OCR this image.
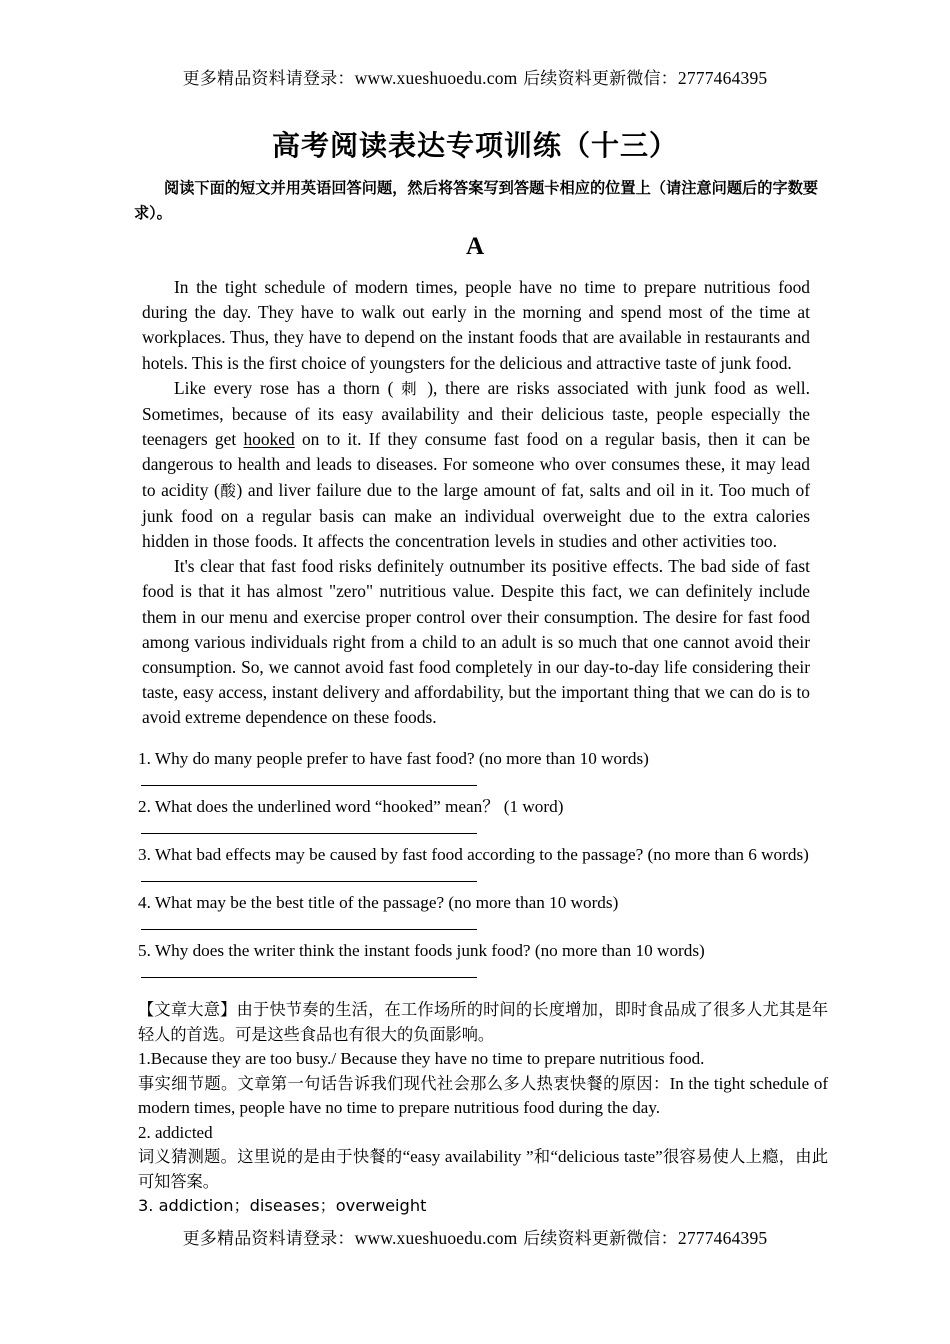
更多精品资料请登录：www.xueshuoedu.com 后续资料更新微信：2777464395
高考阅读表达专项训练（十三）
阅读下面的短文并用英语回答问题，然后将答案写到答题卡相应的位置上（请注意问题后的字数要求）。
A

In the tight schedule of modern times, people have no time to prepare nutritious food during the day. They have to walk out early in the morning and spend most of the time at workplaces. Thus, they have to depend on the instant foods that are available in restaurants and hotels. This is the first choice of youngsters for the delicious and attractive taste of junk food.

Like every rose has a thorn ( 刺 ), there are risks associated with junk food as well. Sometimes, because of its easy availability and their delicious taste, people especially the teenagers get hooked on to it. If they consume fast food on a regular basis, then it can be dangerous to health and leads to diseases. For someone who over consumes these, it may lead to acidity (酸) and liver failure due to the large amount of fat, salts and oil in it. Too much of junk food on a regular basis can make an individual overweight due to the extra calories hidden in those foods. It affects the concentration levels in studies and other activities too.

It's clear that fast food risks definitely outnumber its positive effects. The bad side of fast food is that it has almost "zero" nutritious value. Despite this fact, we can definitely include them in our menu and exercise proper control over their consumption. The desire for fast food among various individuals right from a child to an adult is so much that one cannot avoid their consumption. So, we cannot avoid fast food completely in our day-to-day life considering their taste, easy access, instant delivery and affordability, but the important thing that we can do is to avoid extreme dependence on these foods.

1. Why do many people prefer to have fast food? (no more than 10 words)
2. What does the underlined word “hooked” mean？ (1 word)
3. What bad effects may be caused by fast food according to the passage? (no more than 6 words)
4. What may be the best title of the passage? (no more than 10 words)
5. Why does the writer think the instant foods junk food? (no more than 10 words)
【文章大意】由于快节奏的生活，在工作场所的时间的长度增加，即时食品成了很多人尤其是年轻人的首选。可是这些食品也有很大的负面影响。
1.Because they are too busy./ Because they have no time to prepare nutritious food.
事实细节题。文章第一句话告诉我们现代社会那么多人热衷快餐的原因：In the tight schedule of modern times, people have no time to prepare nutritious food during the day.
2. addicted
词义猜测题。这里说的是由于快餐的“easy availability ”和“delicious taste”很容易使人上瘾，由此可知答案。
3. addiction；diseases；overweight
更多精品资料请登录：www.xueshuoedu.com 后续资料更新微信：2777464395
